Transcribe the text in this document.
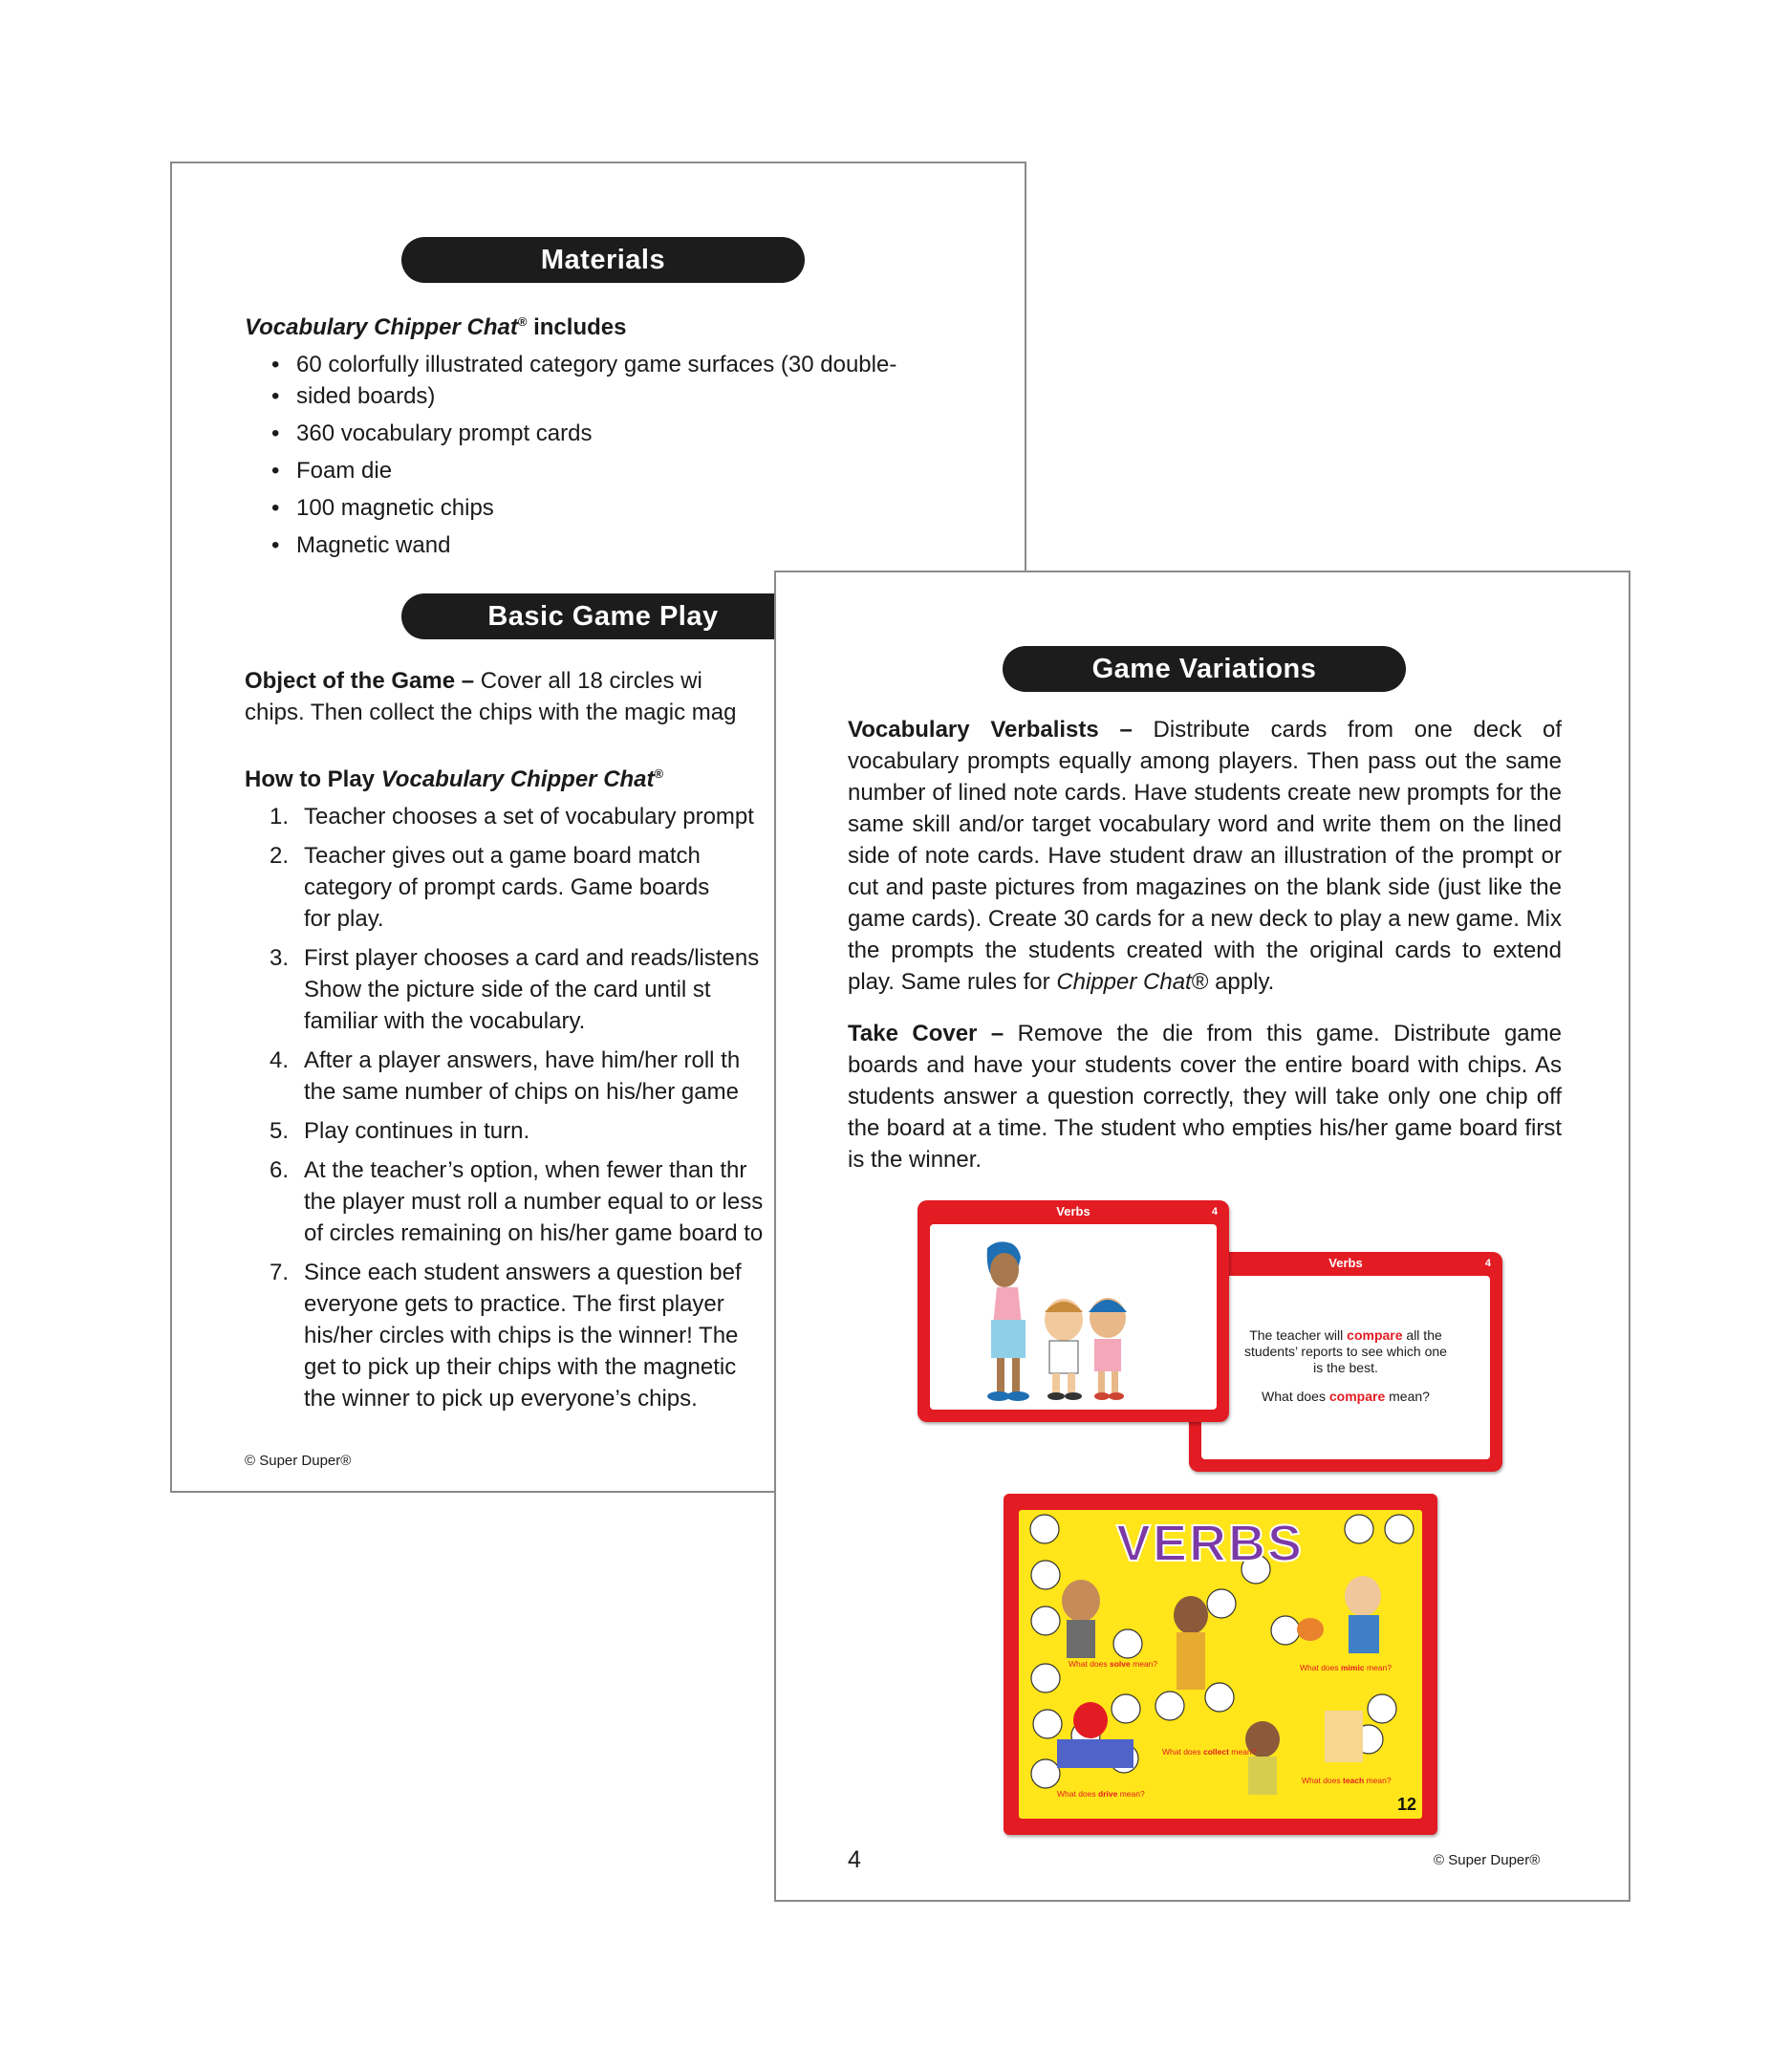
Materials
Vocabulary Chipper Chat® includes
• 60 colorfully illustrated category game surfaces (30 double-
• sided boards)
• 360 vocabulary prompt cards
• Foam die
• 100 magnetic chips
• Magnetic wand
Basic Game Play
Object of the Game – Cover all 18 circles wi
chips. Then collect the chips with the magic mag
How to Play Vocabulary Chipper Chat®
1. Teacher chooses a set of vocabulary prompt
2. Teacher gives out a game board match
category of prompt cards. Game boards
for play.
3. First player chooses a card and reads/listens
Show the picture side of the card until st
familiar with the vocabulary.
4. After a player answers, have him/her roll th
the same number of chips on his/her game
5. Play continues in turn.
6. At the teacher’s option, when fewer than thr
the player must roll a number equal to or less
of circles remaining on his/her game board to
7. Since each student answers a question bef
everyone gets to practice. The first player
his/her circles with chips is the winner! The
get to pick up their chips with the magnetic
the winner to pick up everyone’s chips.
© Super Duper®
Game Variations
Vocabulary Verbalists – Distribute cards from one deck of vocabulary prompts equally among players. Then pass out the same number of lined note cards. Have students create new prompts for the same skill and/or target vocabulary word and write them on the lined side of note cards. Have student draw an illustration of the prompt or cut and paste pictures from magazines on the blank side (just like the game cards). Create 30 cards for a new deck to play a new game. Mix the prompts the students created with the original cards to extend play. Same rules for Chipper Chat® apply.
Take Cover – Remove the die from this game. Distribute game boards and have your students cover the entire board with chips. As students answer a question correctly, they will take only one chip off the board at a time. The student who empties his/her game board first is the winner.
Verbs	4
The teacher will compare all the students’ reports to see which one is the best.
What does compare mean?
Verbs	4
VERBS
What does solve mean?	What does mimic mean?
What does collect mean?
What does teach mean?
What does drive mean?
12
4	© Super Duper®
